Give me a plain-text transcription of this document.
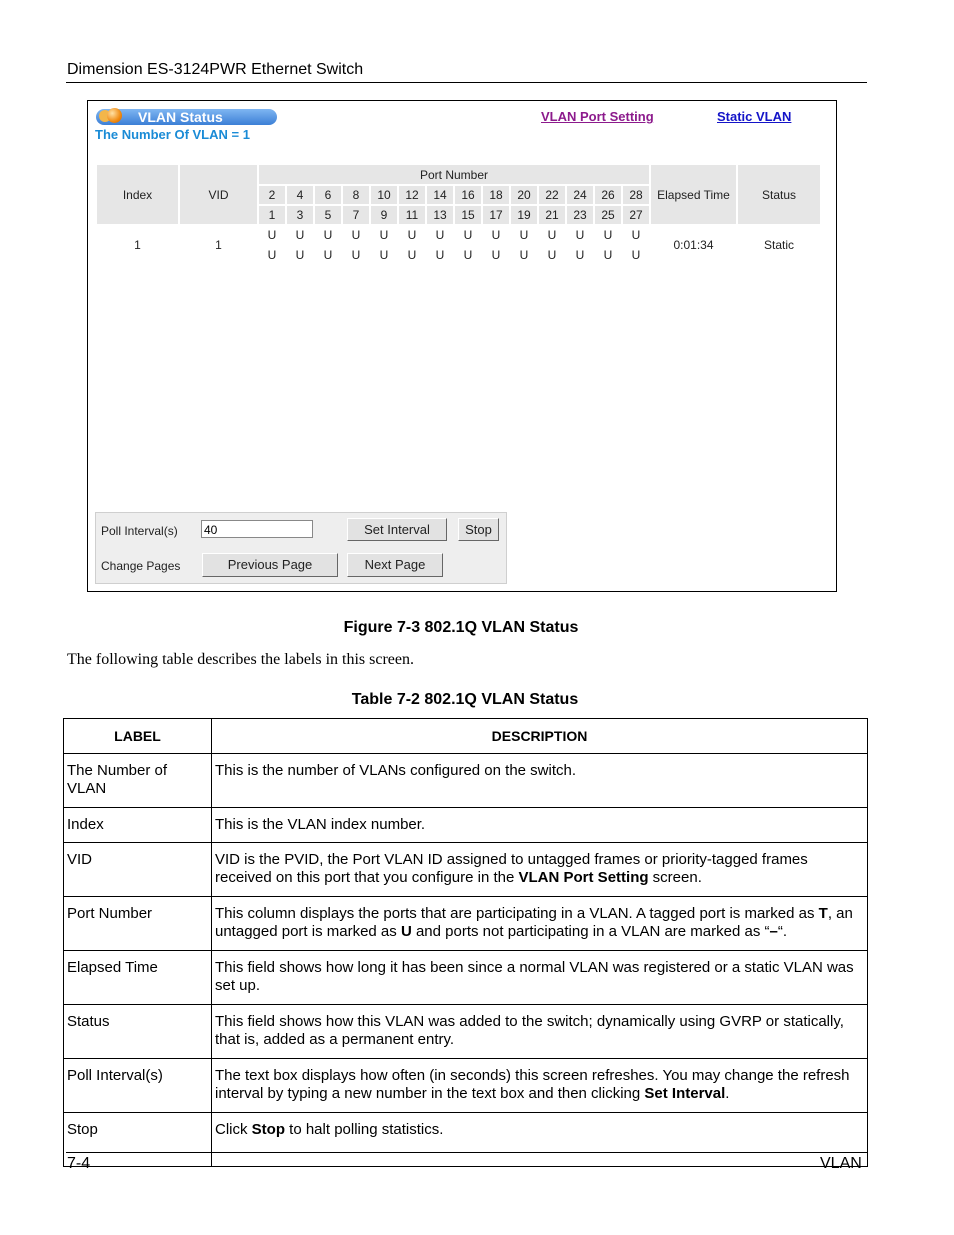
Dimension ES-3124PWR Ethernet Switch
VLAN Status
The Number Of VLAN = 1
VLAN Port Setting	Static VLAN
Index	VID	Port Number														Elapsed Time	Status
		2	4	6	8	10	12	14	16	18	20	22	24	26	28		
		1	3	5	7	9	11	13	15	17	19	21	23	25	27		
1	1	U	U	U	U	U	U	U	U	U	U	U	U	U	U	0:01:34	Static
		U	U	U	U	U	U	U	U	U	U	U	U	U	U		
Poll Interval(s) 40	Set Interval	Stop
Change Pages	Previous Page	Next Page
Figure 7-3 802.1Q VLAN Status
The following table describes the labels in this screen.
Table 7-2 802.1Q VLAN Status
LABEL	DESCRIPTION
The Number of VLAN	This is the number of VLANs configured on the switch.
Index	This is the VLAN index number.
VID	VID is the PVID, the Port VLAN ID assigned to untagged frames or priority-tagged frames received on this port that you configure in the VLAN Port Setting screen.
Port Number	This column displays the ports that are participating in a VLAN. A tagged port is marked as T, an untagged port is marked as U and ports not participating in a VLAN are marked as “–“.
Elapsed Time	This field shows how long it has been since a normal VLAN was registered or a static VLAN was set up.
Status	This field shows how this VLAN was added to the switch; dynamically using GVRP or statically, that is, added as a permanent entry.
Poll Interval(s)	The text box displays how often (in seconds) this screen refreshes. You may change the refresh interval by typing a new number in the text box and then clicking Set Interval.
Stop	Click Stop to halt polling statistics.
7-4	VLAN
